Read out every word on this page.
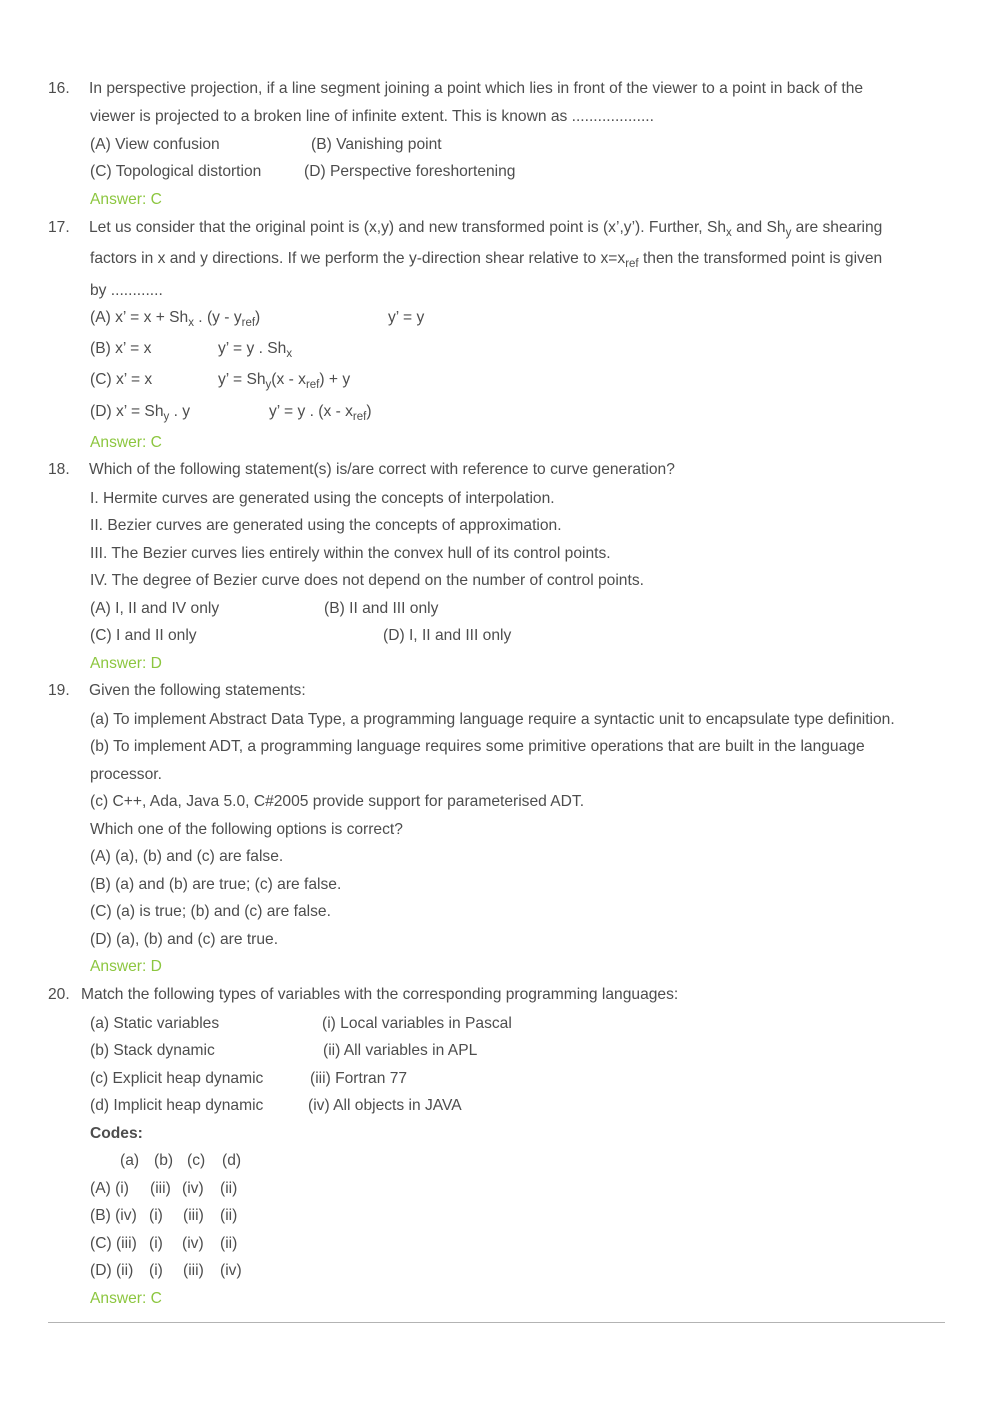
16. In perspective projection, if a line segment joining a point which lies in front of the viewer to a point in back of the
viewer is projected to a broken line of infinite extent. This is known as ...................
(A) View confusion	(B) Vanishing point
(C) Topological distortion	(D) Perspective foreshortening
Answer: C
17. Let us consider that the original point is (x,y) and new transformed point is (x’,y’). Further, $Sh_x$ and $Sh_y$ are shearing
factors in x and y directions. If we perform the y-direction shear relative to $x=x_{ref}$ then the transformed point is given
by ............
(A) x’ = $x + Sh_x$ . $(y - y_{ref})$	y’ = y
(B) x’ = x	y’ = y . $Sh_x$
(C) x’ = x	y’ = $Sh_y(x - x_{ref}) + y$
(D) x’ = $Sh_y$ . y	y’ = y . $(x - x_{ref})$
Answer: C
18. Which of the following statement(s) is/are correct with reference to curve generation?
I. Hermite curves are generated using the concepts of interpolation.
II. Bezier curves are generated using the concepts of approximation.
III. The Bezier curves lies entirely within the convex hull of its control points.
IV. The degree of Bezier curve does not depend on the number of control points.
(A) I, II and IV only	(B) II and III only
(C) I and II only	(D) I, II and III only
Answer: D
19. Given the following statements:
(a) To implement Abstract Data Type, a programming language require a syntactic unit to encapsulate type definition.
(b) To implement ADT, a programming language requires some primitive operations that are built in the language
processor.
(c) C++, Ada, Java 5.0, C#2005 provide support for parameterised ADT.
Which one of the following options is correct?
(A) (a), (b) and (c) are false.
(B) (a) and (b) are true; (c) are false.
(C) (a) is true; (b) and (c) are false.
(D) (a), (b) and (c) are true.
Answer: D
20. Match the following types of variables with the corresponding programming languages:
(a) Static variables	(i) Local variables in Pascal
(b) Stack dynamic	(ii) All variables in APL
(c) Explicit heap dynamic	(iii) Fortran 77
(d) Implicit heap dynamic	(iv) All objects in JAVA
Codes:
(a) (b) (c) (d)
(A) (i) (iii) (iv) (ii)
(B) (iv) (i) (iii) (ii)
(C) (iii) (i) (iv) (ii)
(D) (ii) (i) (iii) (iv)
Answer: C
